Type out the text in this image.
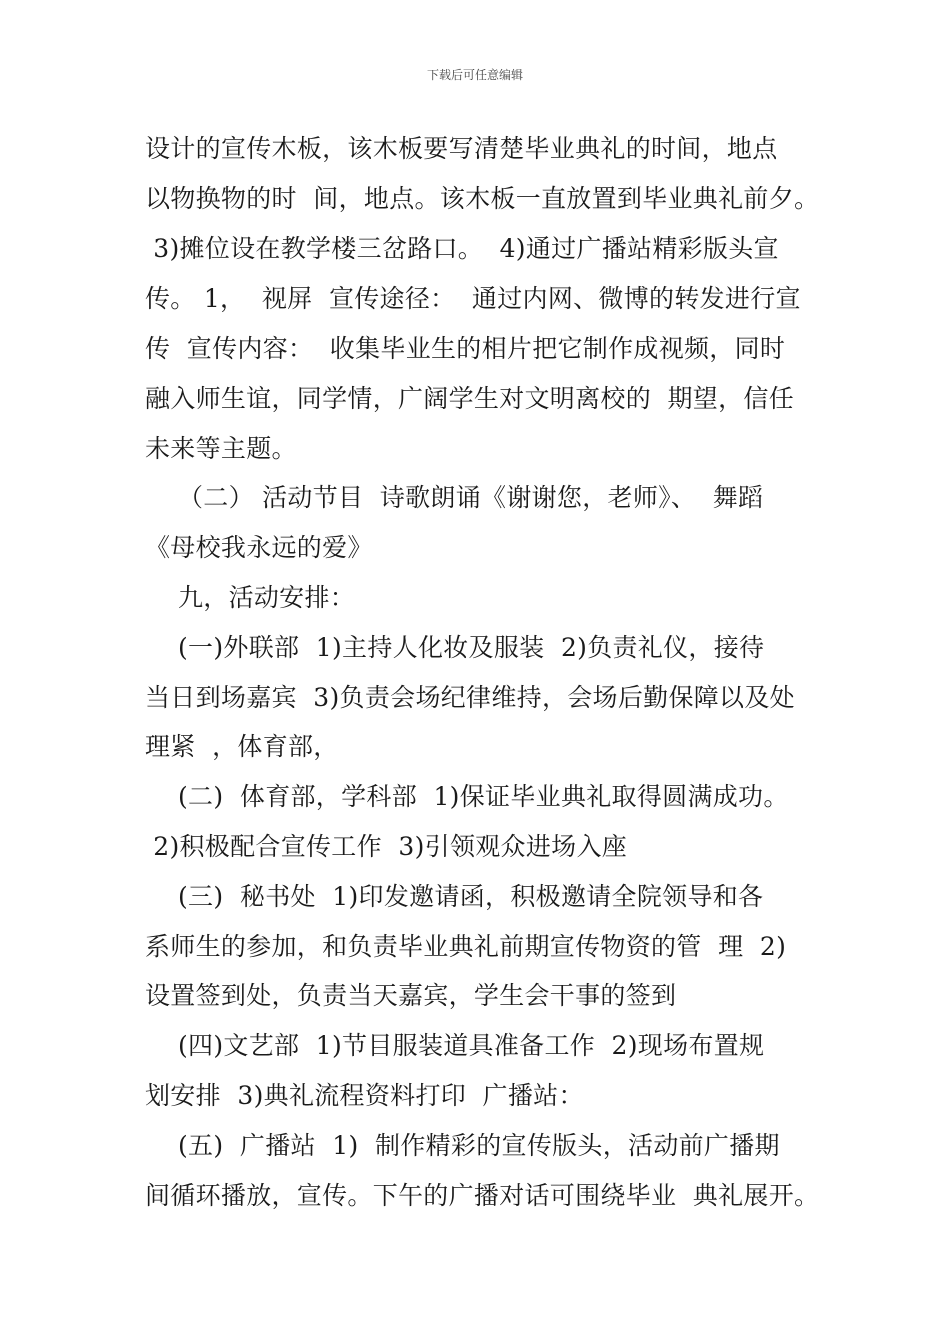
下载后可任意编辑
设计的宣传木板，该木板要写清楚毕业典礼的时间，地点
以物换物的时  间，地点。该木板一直放置到毕业典礼前夕。
3)摊位设在教学楼三岔路口。  4)通过广播站精彩版头宣
传。 1，  视屏  宣传途径：  通过内网、微博的转发进行宣
传  宣传内容：  收集毕业生的相片把它制作成视频，同时
融入师生谊，同学情，广阔学生对文明离校的  期望，信任
未来等主题。
（二） 活动节目  诗歌朗诵《谢谢您，老师》、  舞蹈
《母校我永远的爱》
九，活动安排：
(一)外联部  1)主持人化妆及服装  2)负责礼仪，接待
当日到场嘉宾  3)负责会场纪律维持，会场后勤保障以及处
理紧  ，体育部，
(二)  体育部，学科部  1)保证毕业典礼取得圆满成功。
2)积极配合宣传工作  3)引领观众进场入座
(三)  秘书处  1)印发邀请函，积极邀请全院领导和各
系师生的参加，和负责毕业典礼前期宣传物资的管  理  2)
设置签到处，负责当天嘉宾，学生会干事的签到
(四)文艺部  1)节目服装道具准备工作  2)现场布置规
划安排  3)典礼流程资料打印  广播站：
(五)  广播站  1)  制作精彩的宣传版头，活动前广播期
间循环播放，宣传。下午的广播对话可围绕毕业  典礼展开。
